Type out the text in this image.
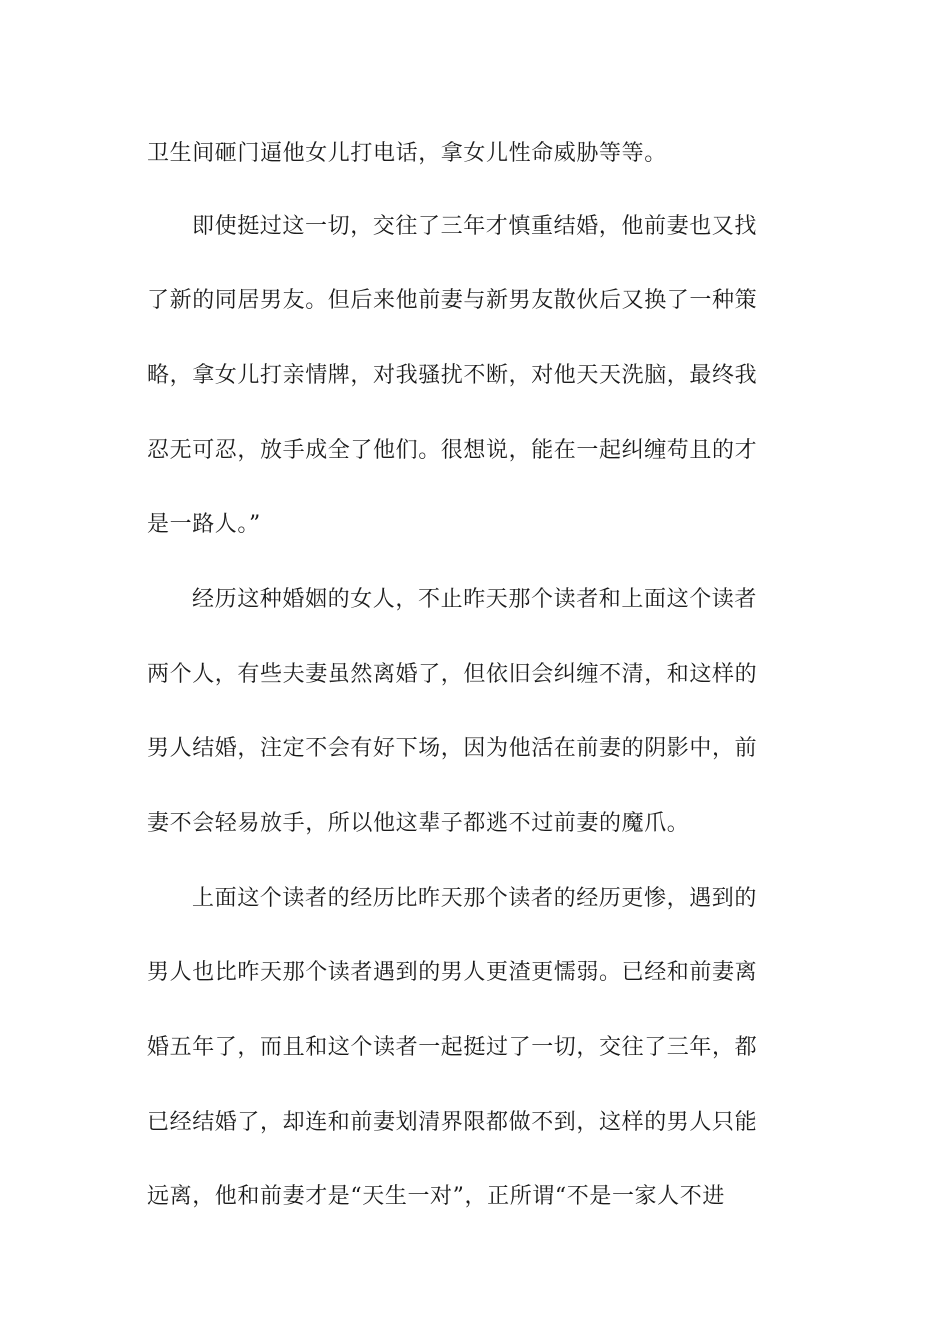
卫生间砸门逼他女儿打电话，拿女儿性命威胁等等。
即使挺过这一切，交往了三年才慎重结婚，他前妻也又找
了新的同居男友。但后来他前妻与新男友散伙后又换了一种策
略，拿女儿打亲情牌，对我骚扰不断，对他天天洗脑，最终我
忍无可忍，放手成全了他们。很想说，能在一起纠缠苟且的才
是一路人。”
经历这种婚姻的女人，不止昨天那个读者和上面这个读者
两个人，有些夫妻虽然离婚了，但依旧会纠缠不清，和这样的
男人结婚，注定不会有好下场，因为他活在前妻的阴影中，前
妻不会轻易放手，所以他这辈子都逃不过前妻的魔爪。
上面这个读者的经历比昨天那个读者的经历更惨，遇到的
男人也比昨天那个读者遇到的男人更渣更懦弱。已经和前妻离
婚五年了，而且和这个读者一起挺过了一切，交往了三年，都
已经结婚了，却连和前妻划清界限都做不到，这样的男人只能
远离，他和前妻才是“天生一对”，正所谓“不是一家人不进
